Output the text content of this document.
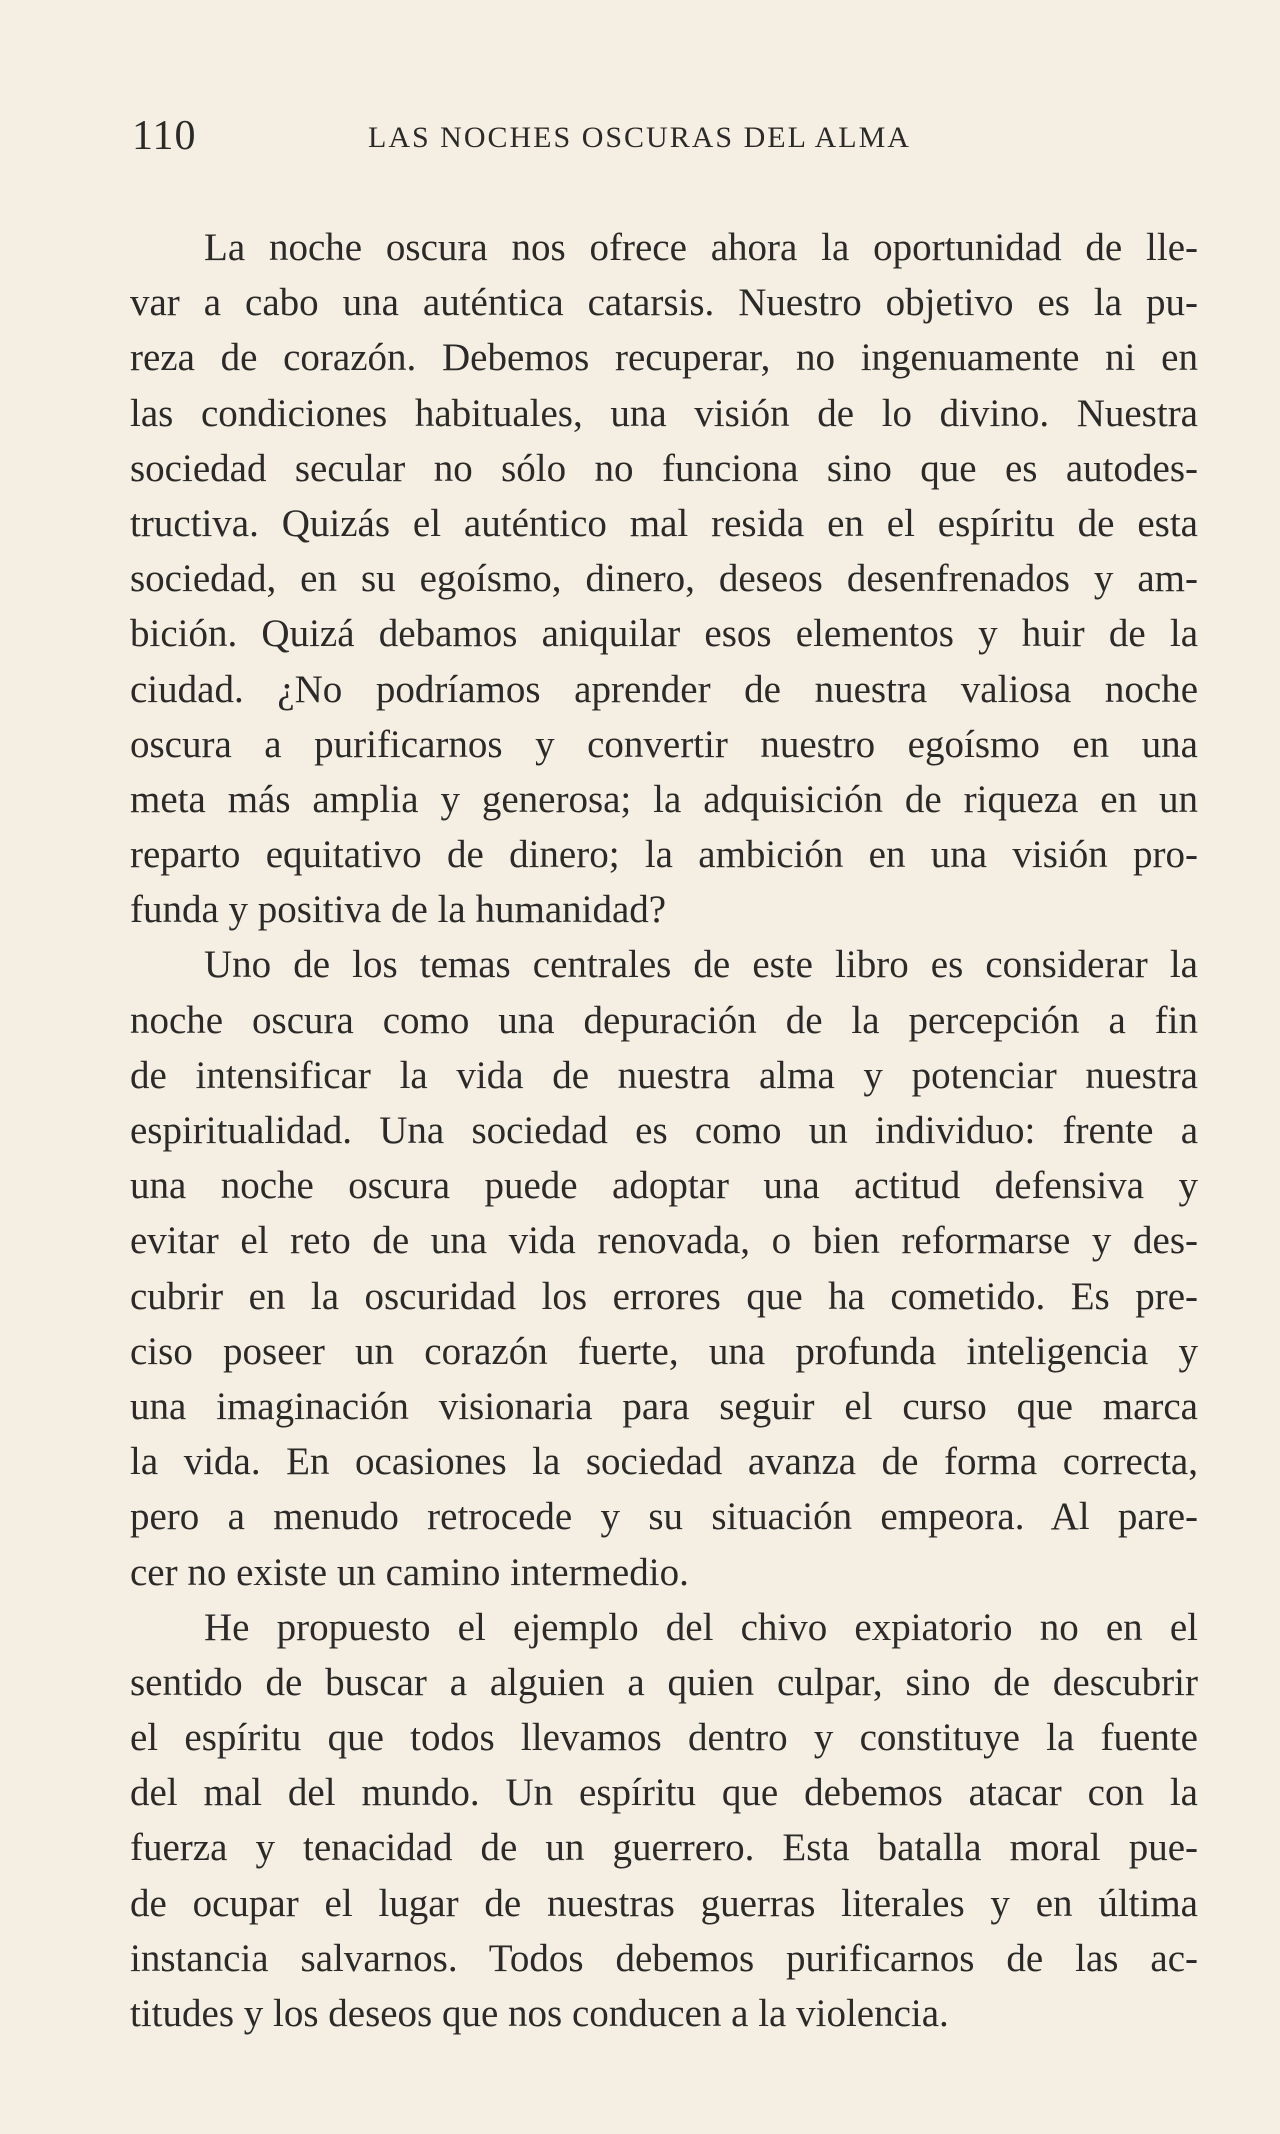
110	LAS NOCHES OSCURAS DEL ALMA
La noche oscura nos ofrece ahora la oportunidad de lle-
var a cabo una auténtica catarsis. Nuestro objetivo es la pu-
reza de corazón. Debemos recuperar, no ingenuamente ni en
las condiciones habituales, una visión de lo divino. Nuestra
sociedad secular no sólo no funciona sino que es autodes-
tructiva. Quizás el auténtico mal resida en el espíritu de esta
sociedad, en su egoísmo, dinero, deseos desenfrenados y am-
bición. Quizá debamos aniquilar esos elementos y huir de la
ciudad. ¿No podríamos aprender de nuestra valiosa noche
oscura a purificarnos y convertir nuestro egoísmo en una
meta más amplia y generosa; la adquisición de riqueza en un
reparto equitativo de dinero; la ambición en una visión pro-
funda y positiva de la humanidad?
Uno de los temas centrales de este libro es considerar la
noche oscura como una depuración de la percepción a fin
de intensificar la vida de nuestra alma y potenciar nuestra
espiritualidad. Una sociedad es como un individuo: frente a
una noche oscura puede adoptar una actitud defensiva y
evitar el reto de una vida renovada, o bien reformarse y des-
cubrir en la oscuridad los errores que ha cometido. Es pre-
ciso poseer un corazón fuerte, una profunda inteligencia y
una imaginación visionaria para seguir el curso que marca
la vida. En ocasiones la sociedad avanza de forma correcta,
pero a menudo retrocede y su situación empeora. Al pare-
cer no existe un camino intermedio.
He propuesto el ejemplo del chivo expiatorio no en el
sentido de buscar a alguien a quien culpar, sino de descubrir
el espíritu que todos llevamos dentro y constituye la fuente
del mal del mundo. Un espíritu que debemos atacar con la
fuerza y tenacidad de un guerrero. Esta batalla moral pue-
de ocupar el lugar de nuestras guerras literales y en última
instancia salvarnos. Todos debemos purificarnos de las ac-
titudes y los deseos que nos conducen a la violencia.
